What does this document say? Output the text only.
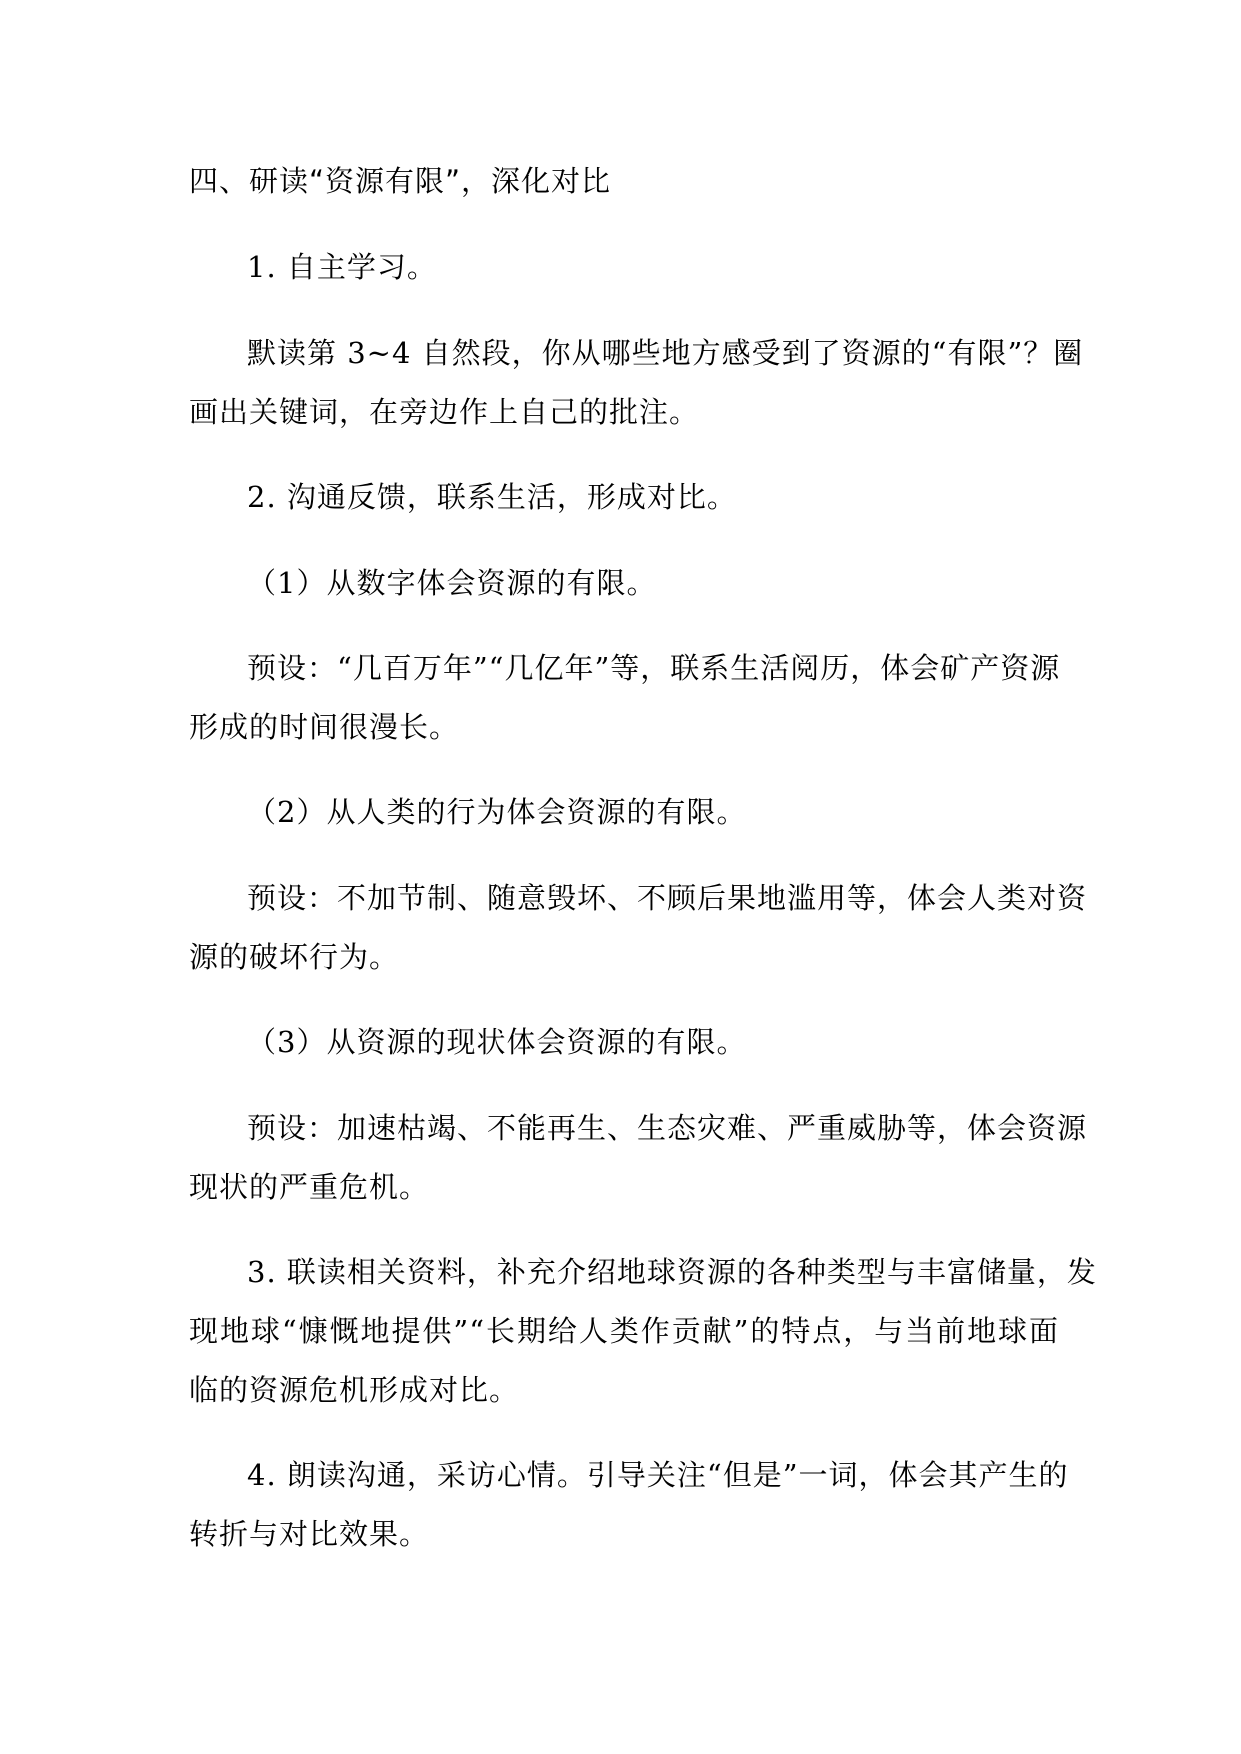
四、研读“资源有限”，深化对比
1. 自主学习。
默读第 3~4 自然段，你从哪些地方感受到了资源的“有限”？圈
画出关键词，在旁边作上自己的批注。
2. 沟通反馈，联系生活，形成对比。
（1）从数字体会资源的有限。
预设：“几百万年”“几亿年”等，联系生活阅历，体会矿产资源
形成的时间很漫长。
（2）从人类的行为体会资源的有限。
预设：不加节制、随意毁坏、不顾后果地滥用等，体会人类对资
源的破坏行为。
（3）从资源的现状体会资源的有限。
预设：加速枯竭、不能再生、生态灾难、严重威胁等，体会资源
现状的严重危机。
3. 联读相关资料，补充介绍地球资源的各种类型与丰富储量，发
现地球“慷慨地提供”“长期给人类作贡献”的特点，与当前地球面
临的资源危机形成对比。
4. 朗读沟通，采访心情。引导关注“但是”一词，体会其产生的
转折与对比效果。
